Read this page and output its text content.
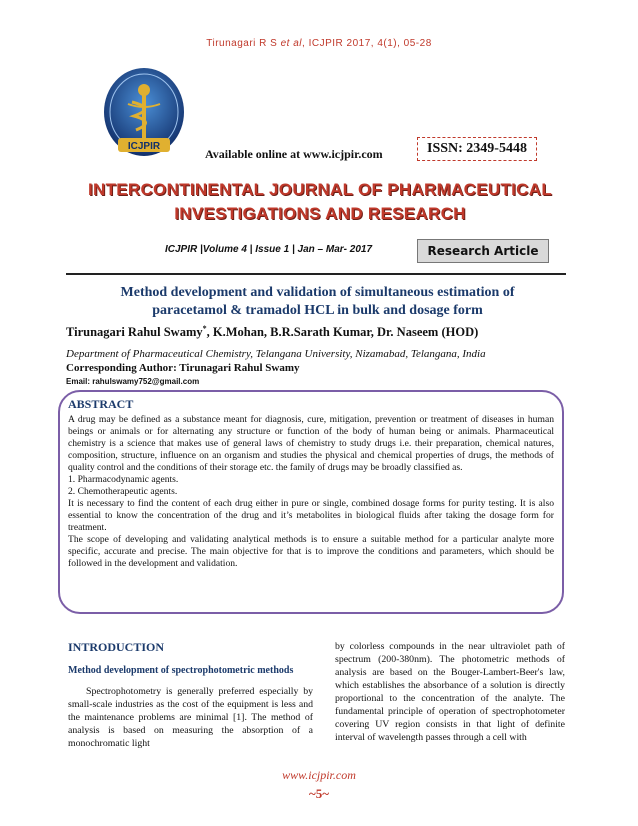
Tirunagari R S et al, ICJPIR 2017, 4(1), 05-28
ICJPIR
Available online at www.icjpir.com	ISSN: 2349-5448
INTERCONTINENTAL JOURNAL OF PHARMACEUTICAL
INVESTIGATIONS AND RESEARCH
ICJPIR |Volume 4 | Issue 1 | Jan – Mar- 2017	Research Article
Method development and validation of simultaneous estimation of
paracetamol & tramadol HCL in bulk and dosage form
Tirunagari Rahul Swamy*, K.Mohan, B.R.Sarath Kumar, Dr. Naseem (HOD)
Department of Pharmaceutical Chemistry, Telangana University, Nizamabad, Telangana, India
Corresponding Author: Tirunagari Rahul Swamy
Email: rahulswamy752@gmail.com
ABSTRACT

A drug may be defined as a substance meant for diagnosis, cure, mitigation, prevention or treatment of diseases in human beings or animals or for alternating any structure or function of the body of human being or animals. Pharmaceutical chemistry is a science that makes use of general laws of chemistry to study drugs i.e. their preparation, chemical natures, composition, structure, influence on an organism and studies the physical and chemical properties of drugs, the methods of quality control and the conditions of their storage etc. the family of drugs may be broadly classified as.

1. Pharmacodynamic agents.

2. Chemotherapeutic agents.

It is necessary to find the content of each drug either in pure or single, combined dosage forms for purity testing. It is also essential to know the concentration of the drug and it’s metabolites in biological fluids after taking the dosage form for treatment.

The scope of developing and validating analytical methods is to ensure a suitable method for a particular analyte more specific, accurate and precise. The main objective for that is to improve the conditions and parameters, which should be followed in the development and validation.

INTRODUCTION
Method development of spectrophotometric methods

Spectrophotometry is generally preferred especially by small-scale industries as the cost of the equipment is less and the maintenance problems are minimal [1]. The method of analysis is based on measuring the absorption of a monochromatic light

by colorless compounds in the near ultraviolet path of spectrum (200-380nm). The photometric methods of analysis are based on the Bouger-Lambert-Beer's law, which establishes the absorbance of a solution is directly proportional to the concentration of the analyte. The fundamental principle of operation of spectrophotometer covering UV region consists in that light of definite interval of wavelength passes through a cell with

www.icjpir.com
~5~
